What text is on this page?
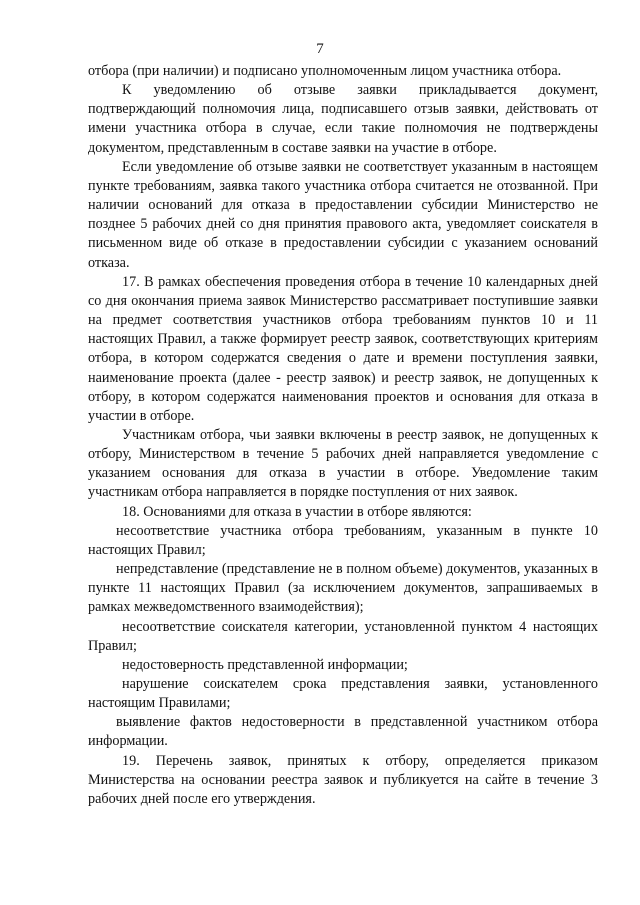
7

отбора (при наличии) и подписано уполномоченным лицом участника отбора.

К уведомлению об отзыве заявки прикладывается документ, подтверждающий полномочия лица, подписавшего отзыв заявки, действовать от имени участника отбора в случае, если такие полномочия не подтверждены документом, представленным в составе заявки на участие в отборе.

Если уведомление об отзыве заявки не соответствует указанным в настоящем пункте требованиям, заявка такого участника отбора считается не отозванной. При наличии оснований для отказа в предоставлении субсидии Министерство не позднее 5 рабочих дней со дня принятия правового акта, уведомляет соискателя в письменном виде об отказе в предоставлении субсидии с указанием оснований отказа.

17. В рамках обеспечения проведения отбора в течение 10 календарных дней со дня окончания приема заявок Министерство рассматривает поступившие заявки на предмет соответствия участников отбора требованиям пунктов 10 и 11 настоящих Правил, а также формирует реестр заявок, соответствующих критериям отбора, в котором содержатся сведения о дате и времени поступления заявки, наименование проекта (далее - реестр заявок) и реестр заявок, не допущенных к отбору, в котором содержатся наименования проектов и основания для отказа в участии в отборе.

Участникам отбора, чьи заявки включены в реестр заявок, не допущенных к отбору, Министерством в течение 5 рабочих дней направляется уведомление с указанием основания для отказа в участии в отборе. Уведомление таким участникам отбора направляется в порядке поступления от них заявок.

18. Основаниями для отказа в участии в отборе являются:

несоответствие участника отбора требованиям, указанным в пункте 10 настоящих Правил;

непредставление (представление не в полном объеме) документов, указанных в пункте 11 настоящих Правил (за исключением документов, запрашиваемых в рамках межведомственного взаимодействия);

несоответствие соискателя категории, установленной пунктом 4 настоящих Правил;

недостоверность представленной информации;

нарушение соискателем срока представления заявки, установленного настоящим Правилами;

выявление фактов недостоверности в представленной участником отбора информации.

19. Перечень заявок, принятых к отбору, определяется приказом Министерства на основании реестра заявок и публикуется на сайте в течение 3 рабочих дней после его утверждения.
